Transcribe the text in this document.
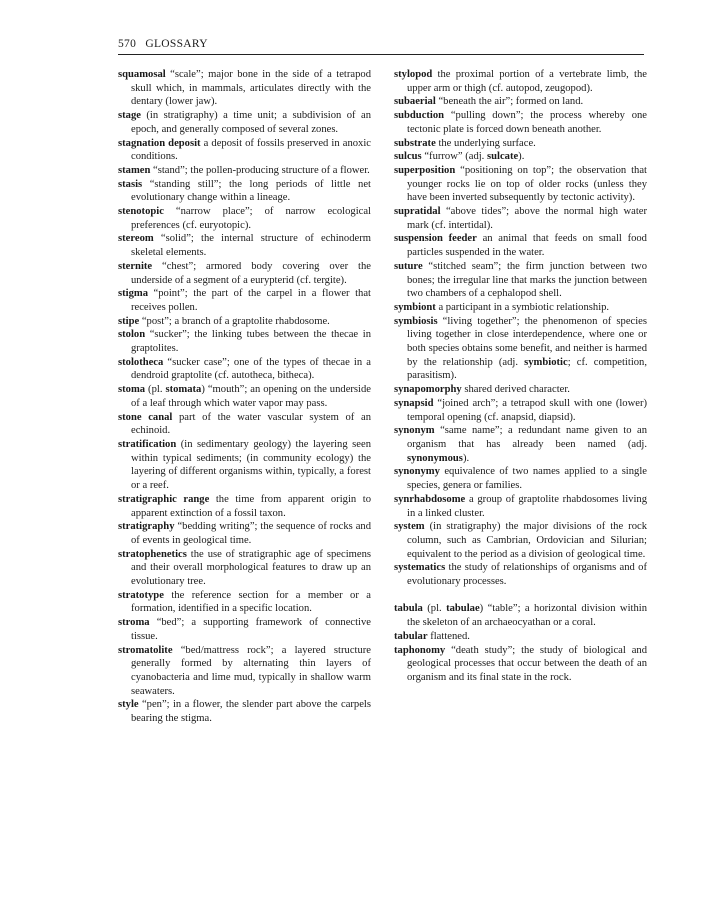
570 GLOSSARY
squamosal “scale”; major bone in the side of a tetrapod skull which, in mammals, articulates directly with the dentary (lower jaw).
stage (in stratigraphy) a time unit; a subdivision of an epoch, and generally composed of several zones.
stagnation deposit a deposit of fossils preserved in anoxic conditions.
stamen “stand”; the pollen-producing structure of a flower.
stasis “standing still”; the long periods of little net evolutionary change within a lineage.
stenotopic “narrow place”; of narrow ecological preferences (cf. euryotopic).
stereom “solid”; the internal structure of echinoderm skeletal elements.
sternite “chest”; armored body covering over the underside of a segment of a eurypterid (cf. tergite).
stigma “point”; the part of the carpel in a flower that receives pollen.
stipe “post”; a branch of a graptolite rhabdosome.
stolon “sucker”; the linking tubes between the thecae in graptolites.
stolotheca “sucker case”; one of the types of thecae in a dendroid graptolite (cf. autotheca, bitheca).
stoma (pl. stomata) “mouth”; an opening on the underside of a leaf through which water vapor may pass.
stone canal part of the water vascular system of an echinoid.
stratification (in sedimentary geology) the layering seen within typical sediments; (in community ecology) the layering of different organisms within, typically, a forest or a reef.
stratigraphic range the time from apparent origin to apparent extinction of a fossil taxon.
stratigraphy “bedding writing”; the sequence of rocks and of events in geological time.
stratophenetics the use of stratigraphic age of specimens and their overall morphological features to draw up an evolutionary tree.
stratotype the reference section for a member or a formation, identified in a specific location.
stroma “bed”; a supporting framework of connective tissue.
stromatolite “bed/mattress rock”; a layered structure generally formed by alternating thin layers of cyanobacteria and lime mud, typically in shallow warm seawaters.
style “pen”; in a flower, the slender part above the carpels bearing the stigma.
stylopod the proximal portion of a vertebrate limb, the upper arm or thigh (cf. autopod, zeugopod).
subaerial “beneath the air”; formed on land.
subduction “pulling down”; the process whereby one tectonic plate is forced down beneath another.
substrate the underlying surface.
sulcus “furrow” (adj. sulcate).
superposition “positioning on top”; the observation that younger rocks lie on top of older rocks (unless they have been inverted subsequently by tectonic activity).
supratidal “above tides”; above the normal high water mark (cf. intertidal).
suspension feeder an animal that feeds on small food particles suspended in the water.
suture “stitched seam”; the firm junction between two bones; the irregular line that marks the junction between two chambers of a cephalopod shell.
symbiont a participant in a symbiotic relationship.
symbiosis “living together”; the phenomenon of species living together in close interdependence, where one or both species obtains some benefit, and neither is harmed by the relationship (adj. symbiotic; cf. competition, parasitism).
synapomorphy shared derived character.
synapsid “joined arch”; a tetrapod skull with one (lower) temporal opening (cf. anapsid, diapsid).
synonym “same name”; a redundant name given to an organism that has already been named (adj. synonymous).
synonymy equivalence of two names applied to a single species, genera or families.
synrhabdosome a group of graptolite rhabdosomes living in a linked cluster.
system (in stratigraphy) the major divisions of the rock column, such as Cambrian, Ordovician and Silurian; equivalent to the period as a division of geological time.
systematics the study of relationships of organisms and of evolutionary processes.
tabula (pl. tabulae) “table”; a horizontal division within the skeleton of an archaeocyathan or a coral.
tabular flattened.
taphonomy “death study”; the study of biological and geological processes that occur between the death of an organism and its final state in the rock.
